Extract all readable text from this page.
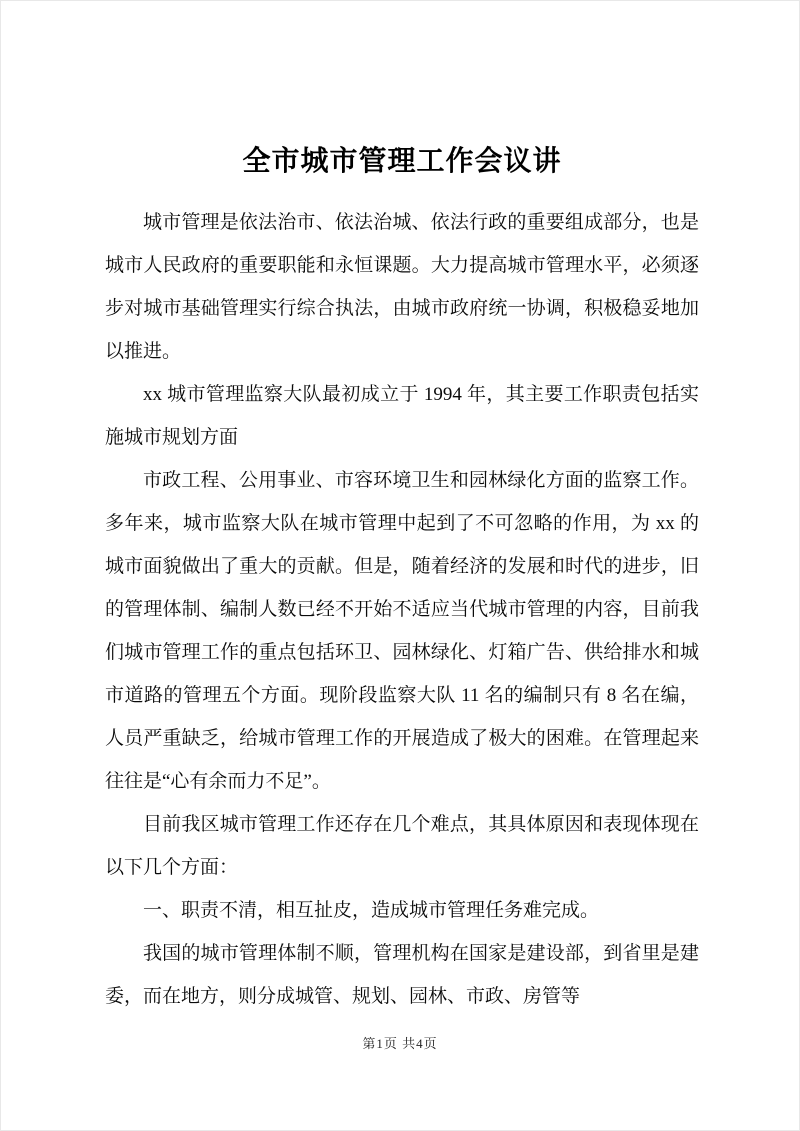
全市城市管理工作会议讲

城市管理是依法治市、依法治城、依法行政的重要组成部分，也是城市人民政府的重要职能和永恒课题。大力提高城市管理水平，必须逐步对城市基础管理实行综合执法，由城市政府统一协调，积极稳妥地加以推进。

xx 城市管理监察大队最初成立于 1994 年，其主要工作职责包括实施城市规划方面

市政工程、公用事业、市容环境卫生和园林绿化方面的监察工作。多年来，城市监察大队在城市管理中起到了不可忽略的作用，为 xx 的城市面貌做出了重大的贡献。但是，随着经济的发展和时代的进步，旧的管理体制、编制人数已经不开始不适应当代城市管理的内容，目前我们城市管理工作的重点包括环卫、园林绿化、灯箱广告、供给排水和城市道路的管理五个方面。现阶段监察大队 11 名的编制只有 8 名在编，人员严重缺乏，给城市管理工作的开展造成了极大的困难。在管理起来往往是“心有余而力不足”。

目前我区城市管理工作还存在几个难点，其具体原因和表现体现在以下几个方面：

一、职责不清，相互扯皮，造成城市管理任务难完成。

我国的城市管理体制不顺，管理机构在国家是建设部，到省里是建委，而在地方，则分成城管、规划、园林、市政、房管等

第1页 共4页
